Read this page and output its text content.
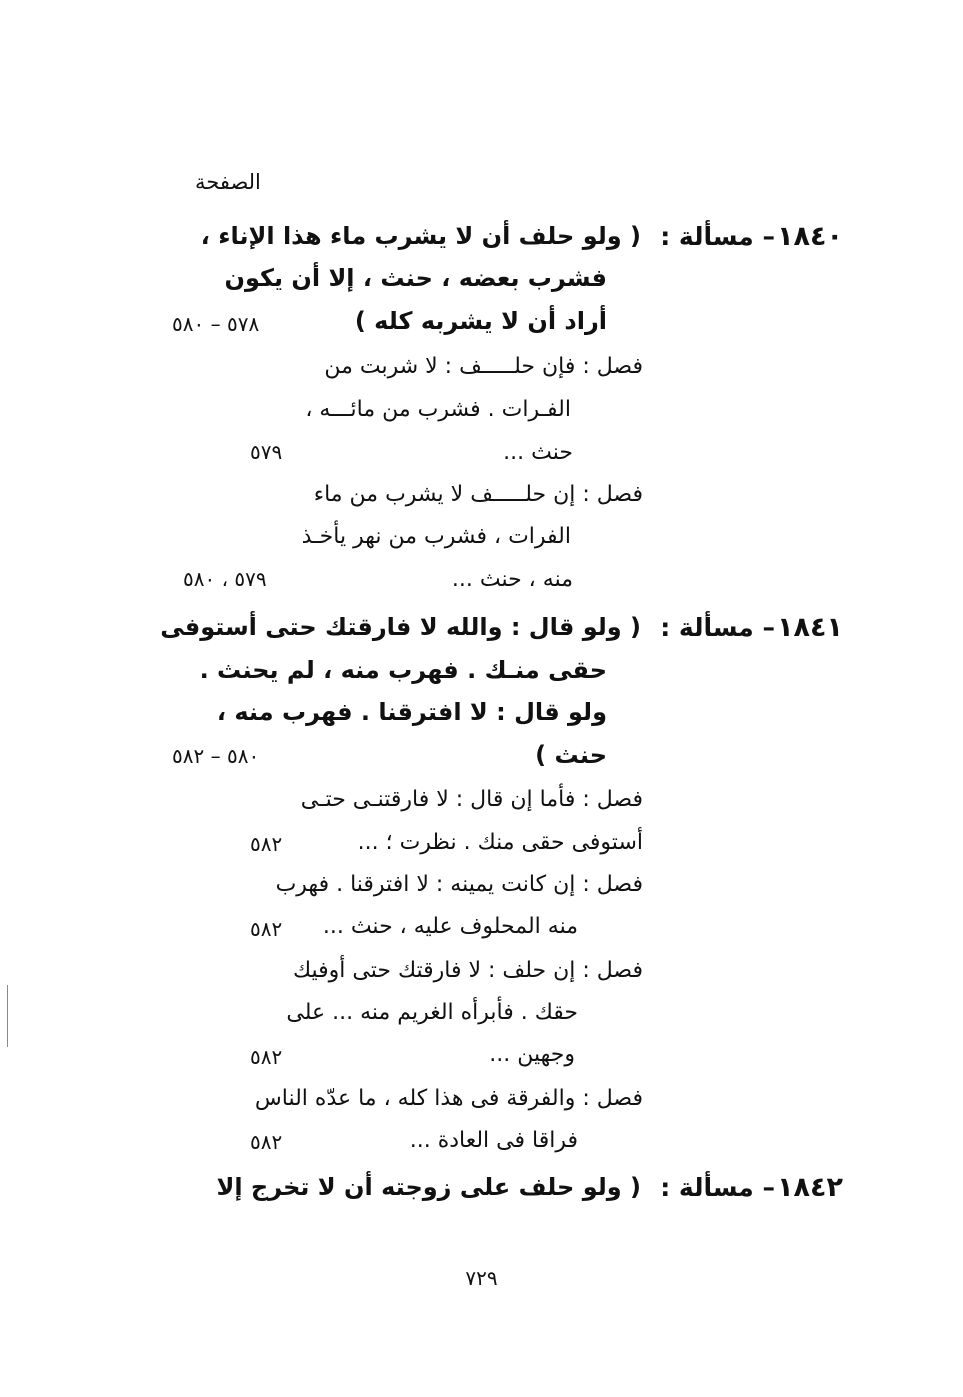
الصفحة
١٨٤٠
– مسألة :
( ولو حلف أن لا يشرب ماء هذا الإناء ،
فشرب بعضه ، حنث ، إلا أن يكون
أراد أن لا يشربه كله )
٥٧٨ – ٥٨٠
فصل : فإن حلـــــف : لا شربت من
الفـرات . فشرب من مائـــه ،
حنث ...
٥٧٩
فصل : إن حلـــــف لا يشرب من ماء
الفرات ، فشرب من نهر يأخـذ
منه ، حنث ...
٥٧٩ ، ٥٨٠
١٨٤١
– مسألة :
( ولو قال : والله لا فارقتك حتى أستوفى
حقى منـك . فهرب منه ، لم يحنث .
ولو قال : لا افترقنا . فهرب منه ،
حنث )
٥٨٠ – ٥٨٢
فصل : فأما إن قال : لا فارقتنـى حتـى
أستوفى حقى منك . نظرت ؛ ...
٥٨٢
فصل : إن كانت يمينه : لا افترقنا . فهرب
منه المحلوف عليه ، حنث ...
٥٨٢
فصل : إن حلف : لا فارقتك حتى أوفيك
حقك . فأبرأه الغريم منه ... على
وجهين ...
٥٨٢
فصل : والفرقة فى هذا كله ، ما عدّه الناس
فراقا فى العادة ...
٥٨٢
١٨٤٢
– مسألة :
( ولو حلف على زوجته أن لا تخرج إلا
٧٢٩
